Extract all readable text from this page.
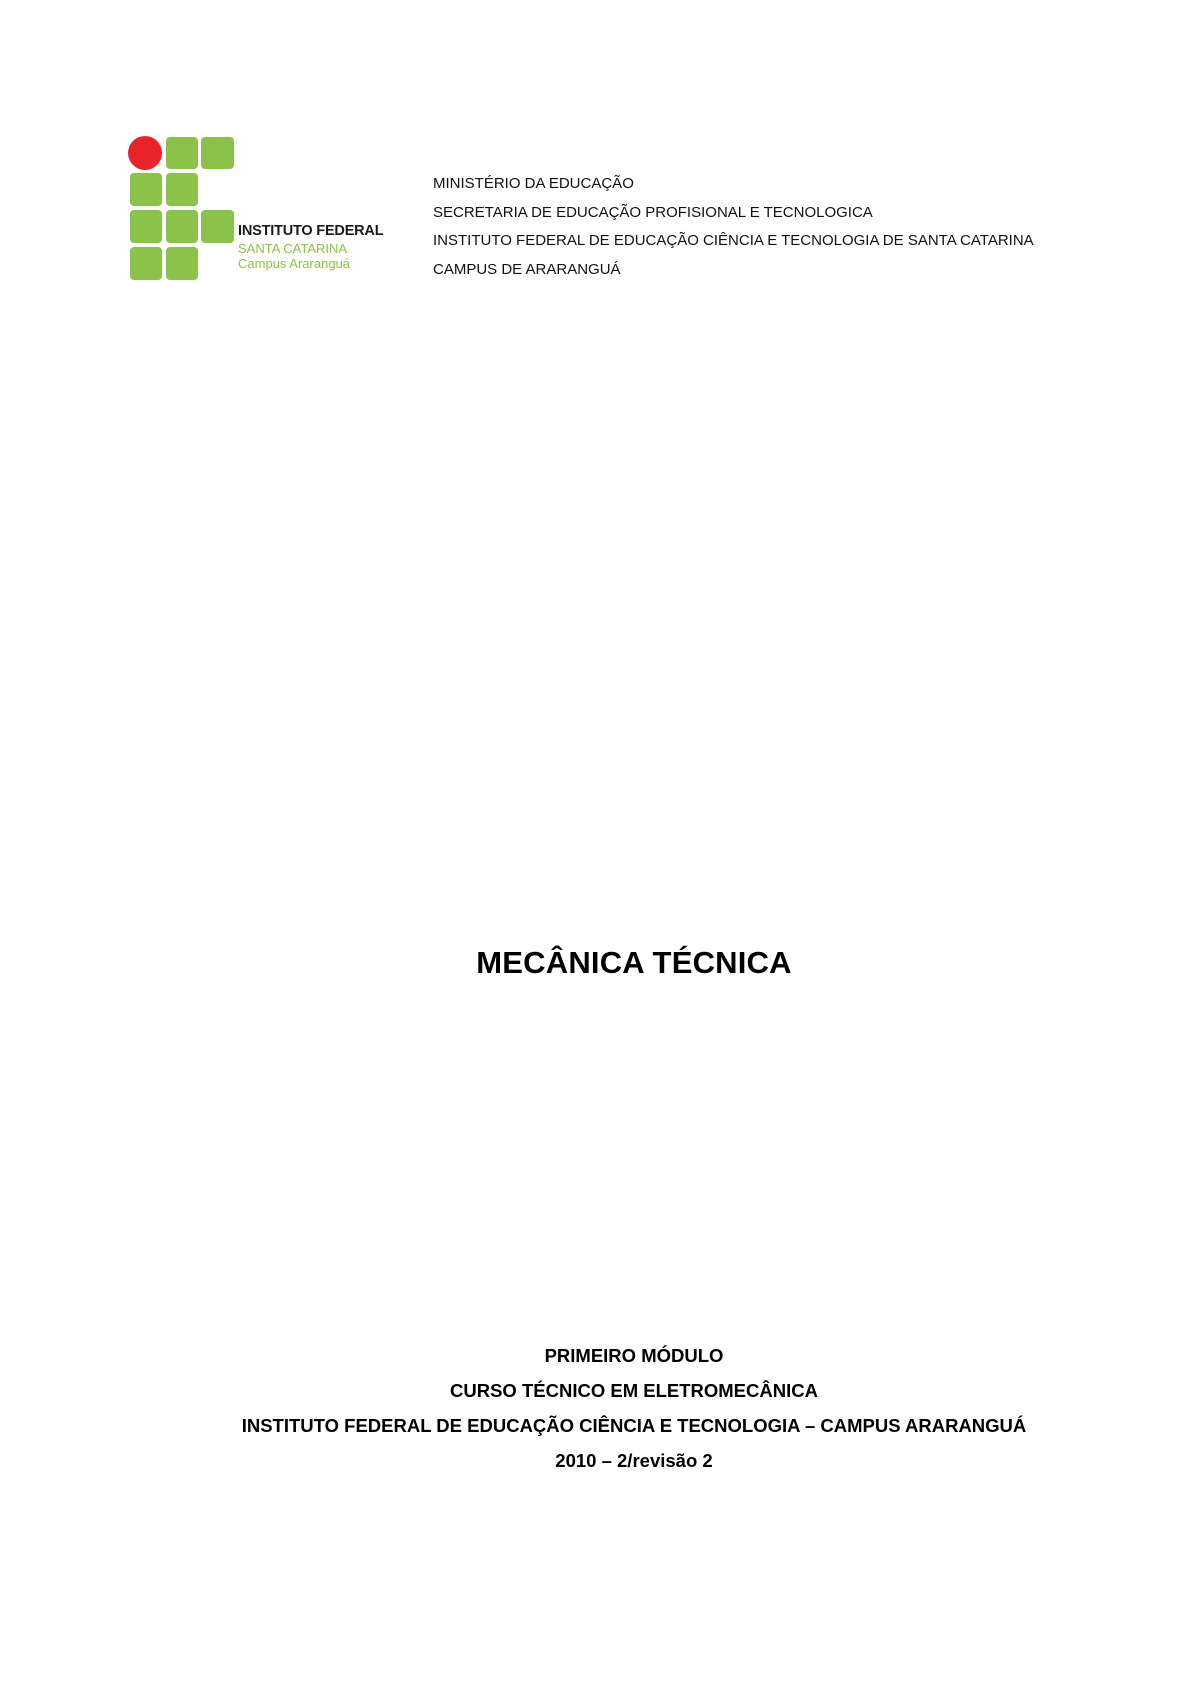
INSTITUTO FEDERAL
SANTA CATARINA
Campus Araranguá
MINISTÉRIO DA EDUCAÇÃO
SECRETARIA DE EDUCAÇÃO PROFISIONAL E TECNOLOGICA
INSTITUTO FEDERAL DE EDUCAÇÃO CIÊNCIA E TECNOLOGIA DE SANTA CATARINA
CAMPUS DE ARARANGUÁ
MECÂNICA TÉCNICA
PRIMEIRO MÓDULO
CURSO TÉCNICO EM ELETROMECÂNICA
INSTITUTO FEDERAL DE EDUCAÇÃO CIÊNCIA E TECNOLOGIA – CAMPUS ARARANGUÁ
2010 – 2/revisão 2
